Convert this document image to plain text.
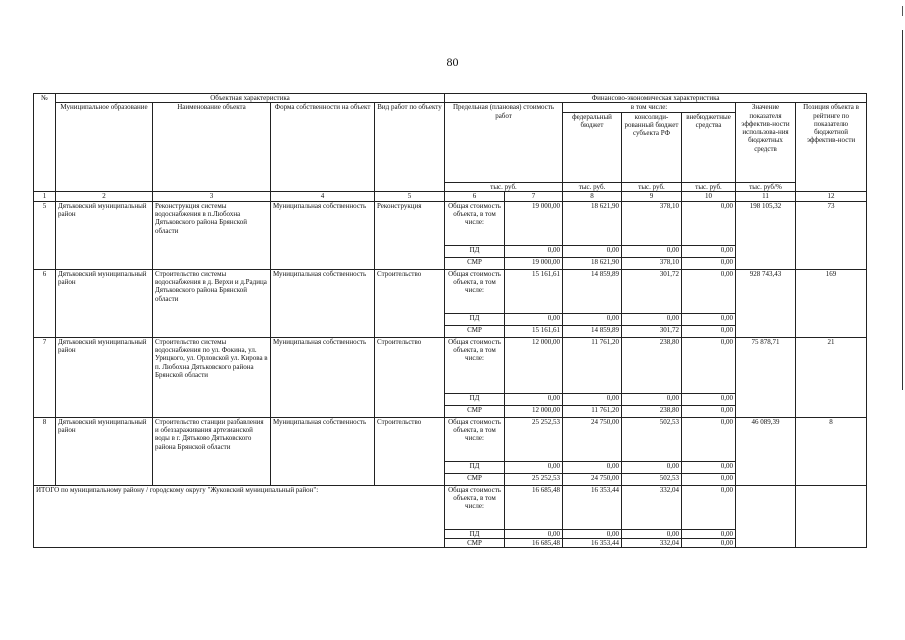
80
№	Объектная характеристика				Финансово-экономическая характеристика						
	Муниципальное образование	Наименование объекта	Форма собственности на объект	Вид работ по объекту	Предельная (плановая) стоимость работ		в том числе:			Значение показателя эффектив-ности использова-ния бюджетных средств	Позиция объекта в рейтинге по показателю бюджетной эффектив-ности
							федеральный бюджет	консолиди-рованный бюджет субъекта РФ	внебюджетные средства		
					тыс. руб.		тыс. руб.	тыс. руб.	тыс. руб.	тыс. руб/%	
1	2	3	4	5	6	7	8	9	10	11	12
5	Дятьковский муниципальный район	Реконструкция системы водоснабжения в п.Любохна Дятьковского района Брянской области	Муниципальная собственность	Реконструкция	Общая стоимость объекта, в том числе:	19 000,00	18 621,90	378,10	0,00	198 105,32	73
					ПД	0,00	0,00	0,00	0,00		
					СМР	19 000,00	18 621,90	378,10	0,00		
6	Дятьковский муниципальный район	Строительство системы водоснабжения в д. Верхи и д.Радица Дятьковского района Брянской области	Муниципальная собственность	Строительство	Общая стоимость объекта, в том числе:	15 161,61	14 859,89	301,72	0,00	928 743,43	169
					ПД	0,00	0,00	0,00	0,00		
					СМР	15 161,61	14 859,89	301,72	0,00		
7	Дятьковский муниципальный район	Строительство системы водоснабжения по ул. Фокина, ул. Урицкого, ул. Орловской ул. Кирова в п. Любохна Дятьковского района Брянской области	Муниципальная собственность	Строительство	Общая стоимость объекта, в том числе:	12 000,00	11 761,20	238,80	0,00	75 878,71	21
					ПД	0,00	0,00	0,00	0,00		
					СМР	12 000,00	11 761,20	238,80	0,00		
8	Дятьковский муниципальный район	Строительство станции разбавления и обеззараживания артезианской воды в г. Дятьково Дятьковского района Брянской области	Муниципальная собственность	Строительство	Общая стоимость объекта, в том числе:	25 252,53	24 750,00	502,53	0,00	46 089,39	8
					ПД	0,00	0,00	0,00	0,00		
					СМР	25 252,53	24 750,00	502,53	0,00		
ИТОГО по муниципальному району / городскому округу "Жуковский муниципальный район":					Общая стоимость объекта, в том числе:	16 685,48	16 353,44	332,04	0,00		
					ПД	0,00	0,00	0,00	0,00		
					СМР	16 685,48	16 353,44	332,04	0,00		
